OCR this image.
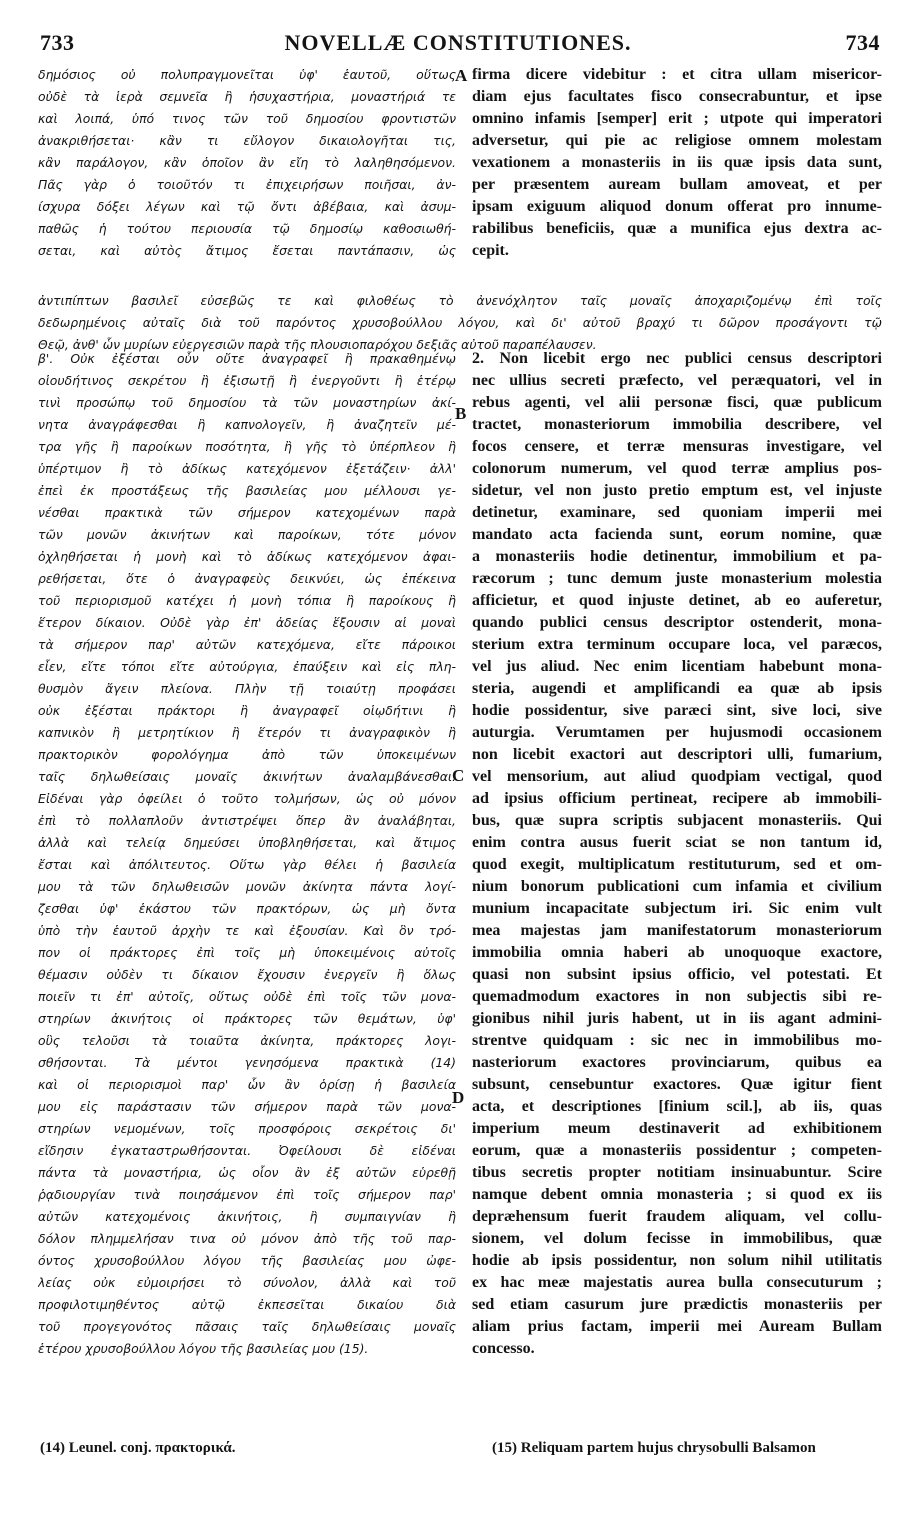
733	NOVELLÆ CONSTITUTIONES.	734
δημόσιος οὐ πολυπραγμονεῖται ὑφ' ἑαυτοῦ, οὕτως
οὐδὲ τὰ ἱερὰ σεμνεῖα ἢ ἡσυχαστήρια, μοναστήριά τε
καὶ λοιπά, ὑπό τινος τῶν τοῦ δημοσίου φροντιστῶν
ἀνακριθήσεται· κἂν τι εὔλογον δικαιολογῆται τις,
κἂν παράλογον, κἂν ὁποῖον ἂν εἴη τὸ λαληθησόμενον.
Πᾶς γὰρ ὁ τοιοῦτόν τι ἐπιχειρήσων ποιῆσαι, ἀν-
ίσχυρα δόξει λέγων καὶ τῷ ὄντι ἀβέβαια, καὶ ἀσυμ-
παθῶς ἡ τούτου περιουσία τῷ δημοσίῳ καθοσιωθή-
σεται, καὶ αὐτὸς ἄτιμος ἔσεται παντάπασιν, ὡς
A firma dicere videbitur : et citra ullam misericor-
diam ejus facultates fisco consecrabuntur, et ipse
omnino infamis [semper] erit ; utpote qui imperatori
adversetur, qui pie ac religiose omnem molestam
vexationem a monasteriis in iis quæ ipsis data sunt,
per præsentem auream bullam amoveat, et per
ipsam exiguum aliquod donum offerat pro innume-
rabilibus beneficiis, quæ a munifica ejus dextra ac-
cepit.
ἀντιπίπτων βασιλεῖ εὐσεβῶς τε καὶ φιλοθέως τὸ ἀνενόχλητον ταῖς μοναῖς ἀποχαριζομένῳ ἐπὶ τοῖς
δεδωρημένοις αὐταῖς διὰ τοῦ παρόντος χρυσοβούλλου λόγου, καὶ δι' αὐτοῦ βραχύ τι δῶρον προσάγοντι τῷ
Θεῷ, ἀνθ' ὧν μυρίων εὐεργεσιῶν παρὰ τῆς πλουσιοπαρόχου δεξιᾶς αὐτοῦ παραπέλαυσεν.
β'. Οὐκ ἐξέσται οὖν οὔτε ἀναγραφεῖ ἢ πρακαθημένῳ
οἱουδήτινος σεκρέτου ἢ ἐξισωτῇ ἢ ἐνεργοῦντι ἢ ἑτέρῳ
τινὶ προσώπῳ τοῦ δημοσίου τὰ τῶν μοναστηρίων ἀκί-
νητα ἀναγράφεσθαι ἢ καπνολογεῖν, ἢ ἀναζητεῖν μέ-
τρα γῆς ἢ παροίκων ποσότητα, ἢ γῆς τὸ ὑπέρπλεον ἢ
ὑπέρτιμον ἢ τὸ ἀδίκως κατεχόμενον ἐξετάζειν· ἀλλ'
ἐπεὶ ἐκ προστάξεως τῆς βασιλείας μου μέλλουσι γε-
νέσθαι πρακτικὰ τῶν σήμερον κατεχομένων παρὰ
τῶν μονῶν ἀκινήτων καὶ παροίκων, τότε μόνον
ὀχληθήσεται ἡ μονὴ καὶ τὸ ἀδίκως κατεχόμενον ἀφαι-
ρεθήσεται, ὅτε ὁ ἀναγραφεὺς δεικνύει, ὡς ἐπέκεινα
τοῦ περιορισμοῦ κατέχει ἡ μονὴ τόπια ἢ παροίκους ἢ
ἕτερον δίκαιον. Οὐδὲ γὰρ ἐπ' ἀδείας ἕξουσιν αἱ μοναὶ
τὰ σήμερον παρ' αὐτῶν κατεχόμενα, εἴτε πάροικοι
εἶεν, εἴτε τόποι εἴτε αὐτούργια, ἐπαύξειν καὶ εἰς πλη-
θυσμὸν ἄγειν πλείονα. Πλὴν τῇ τοιαύτῃ προφάσει
οὐκ ἐξέσται πράκτορι ἢ ἀναγραφεῖ οἱῳδήτινι ἢ
καπνικὸν ἢ μετρητίκιον ἢ ἕτερόν τι ἀναγραφικὸν ἢ
πρακτορικὸν φορολόγημα ἀπὸ τῶν ὑποκειμένων
ταῖς δηλωθείσαις μοναῖς ἀκινήτων ἀναλαμβάνεσθαι.
Εἰδέναι γὰρ ὀφείλει ὁ τοῦτο τολμήσων, ὡς οὐ μόνον
ἐπὶ τὸ πολλαπλοῦν ἀντιστρέψει ὅπερ ἂν ἀναλάβηται,
ἀλλὰ καὶ τελείᾳ δημεύσει ὑποβληθήσεται, καὶ ἄτιμος
ἔσται καὶ ἀπόλιτευτος. Οὕτω γὰρ θέλει ἡ βασιλεία
μου τὰ τῶν δηλωθεισῶν μονῶν ἀκίνητα πάντα λογί-
ζεσθαι ὑφ' ἑκάστου τῶν πρακτόρων, ὡς μὴ ὄντα
ὑπὸ τὴν ἑαυτοῦ ἀρχὴν τε καὶ ἐξουσίαν. Καὶ ὃν τρό-
πον οἱ πράκτορες ἐπὶ τοῖς μὴ ὑποκειμένοις αὐτοῖς
θέμασιν οὐδὲν τι δίκαιον ἔχουσιν ἐνεργεῖν ἢ ὅλως
ποιεῖν τι ἐπ' αὐτοῖς, οὕτως οὐδὲ ἐπὶ τοῖς τῶν μονα-
στηρίων ἀκινήτοις οἱ πράκτορες τῶν θεμάτων, ὑφ'
οὓς τελοῦσι τὰ τοιαῦτα ἀκίνητα, πράκτορες λογι-
σθήσονται. Τὰ μέντοι γενησόμενα πρακτικὰ (14)
καὶ οἱ περιορισμοὶ παρ' ὧν ἂν ὁρίσῃ ἡ βασιλεία
μου εἰς παράστασιν τῶν σήμερον παρὰ τῶν μονα-
στηρίων νεμομένων, τοῖς προσφόροις σεκρέτοις δι'
εἴδησιν ἐγκαταστρωθήσονται. Ὀφείλουσι δὲ εἰδέναι
πάντα τὰ μοναστήρια, ὡς οἷον ἂν ἐξ αὐτῶν εὑρεθῇ
ῥᾳδιουργίαν τινὰ ποιησάμενον ἐπὶ τοῖς σήμερον παρ'
αὐτῶν κατεχομένοις ἀκινήτοις, ἢ συμπαιγνίαν ἢ
δόλον πλημμελήσαν τινα οὐ μόνον ἀπὸ τῆς τοῦ παρ-
όντος χρυσοβούλλου λόγου τῆς βασιλείας μου ὠφε-
λείας οὐκ εὐμοιρήσει τὸ σύνολον, ἀλλὰ καὶ τοῦ
προφιλοτιμηθέντος αὐτῷ ἐκπεσεῖται δικαίου διὰ
τοῦ προγεγονότος πᾶσαις ταῖς δηλωθείσαις μοναῖς
ἑτέρου χρυσοβούλλου λόγου τῆς βασιλείας μου (15).
B
C
D
2. Non licebit ergo nec publici census descriptori
nec ullius secreti præfecto, vel peræquatori, vel in
rebus agenti, vel alii personæ fisci, quæ publicum
tractet, monasteriorum immobilia describere, vel
focos censere, et terræ mensuras investigare, vel
colonorum numerum, vel quod terræ amplius pos-
sidetur, vel non justo pretio emptum est, vel injuste
detinetur, examinare, sed quoniam imperii mei
mandato acta facienda sunt, eorum nomine, quæ
a monasteriis hodie detinentur, immobilium et pa-
ræcorum ; tunc demum juste monasterium molestia
afficietur, et quod injuste detinet, ab eo auferetur,
quando publici census descriptor ostenderit, mona-
sterium extra terminum occupare loca, vel paræcos,
vel jus aliud. Nec enim licentiam habebunt mona-
steria, augendi et amplificandi ea quæ ab ipsis
hodie possidentur, sive paræci sint, sive loci, sive
auturgia. Verumtamen per hujusmodi occasionem
non licebit exactori aut descriptori ulli, fumarium,
vel mensorium, aut aliud quodpiam vectigal, quod
ad ipsius officium pertineat, recipere ab immobili-
bus, quæ supra scriptis subjacent monasteriis. Qui
enim contra ausus fuerit sciat se non tantum id,
quod exegit, multiplicatum restituturum, sed et om-
nium bonorum publicationi cum infamia et civilium
munium incapacitate subjectum iri. Sic enim vult
mea majestas jam manifestatorum monasteriorum
immobilia omnia haberi ab unoquoque exactore,
quasi non subsint ipsius officio, vel potestati. Et
quemadmodum exactores in non subjectis sibi re-
gionibus nihil juris habent, ut in iis agant admini-
strentve quidquam : sic nec in immobilibus mo-
nasteriorum exactores provinciarum, quibus ea
subsunt, censebuntur exactores. Quæ igitur fient
acta, et descriptiones [finium scil.], ab iis, quas
imperium meum destinaverit ad exhibitionem
eorum, quæ a monasteriis possidentur ; competen-
tibus secretis propter notitiam insinuabuntur. Scire
namque debent omnia monasteria ; si quod ex iis
depræhensum fuerit fraudem aliquam, vel collu-
sionem, vel dolum fecisse in immobilibus, quæ
hodie ab ipsis possidentur, non solum nihil utilitatis
ex hac meæ majestatis aurea bulla consecuturum ;
sed etiam casurum jure prædictis monasteriis per
aliam prius factam, imperii mei Auream Bullam
concesso.
(14) Leunel. conj. πρακτορικά.	(15) Reliquam partem hujus chrysobulli Balsamon
